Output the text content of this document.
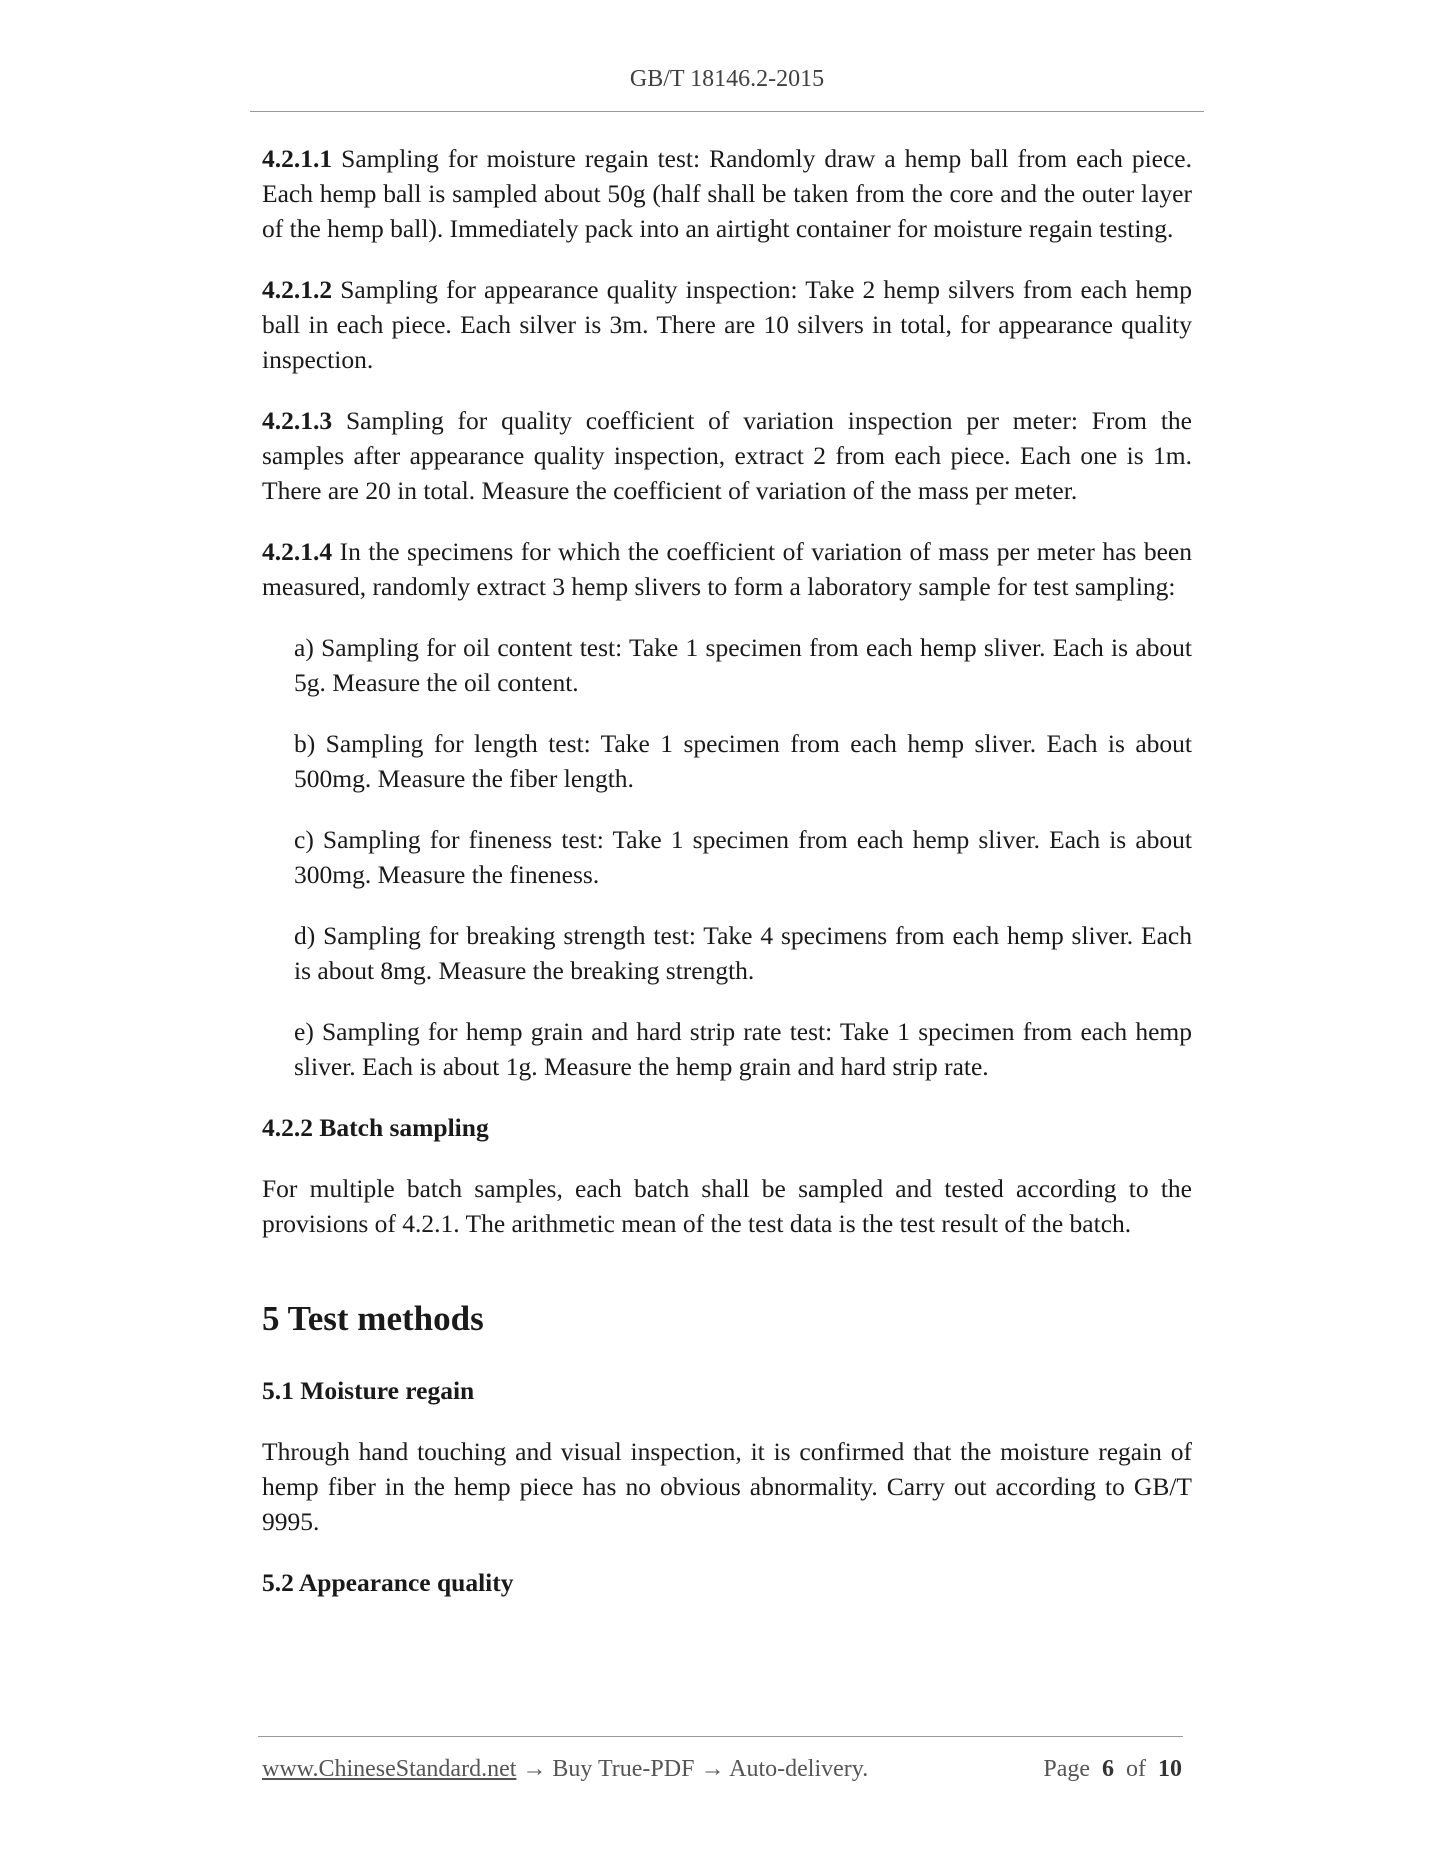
GB/T 18146.2-2015

4.2.1.1 Sampling for moisture regain test: Randomly draw a hemp ball from each piece. Each hemp ball is sampled about 50g (half shall be taken from the core and the outer layer of the hemp ball). Immediately pack into an airtight container for moisture regain testing.

4.2.1.2 Sampling for appearance quality inspection: Take 2 hemp silvers from each hemp ball in each piece. Each silver is 3m. There are 10 silvers in total, for appearance quality inspection.

4.2.1.3 Sampling for quality coefficient of variation inspection per meter: From the samples after appearance quality inspection, extract 2 from each piece. Each one is 1m. There are 20 in total. Measure the coefficient of variation of the mass per meter.

4.2.1.4 In the specimens for which the coefficient of variation of mass per meter has been measured, randomly extract 3 hemp slivers to form a laboratory sample for test sampling:

a) Sampling for oil content test: Take 1 specimen from each hemp sliver. Each is about 5g. Measure the oil content.

b) Sampling for length test: Take 1 specimen from each hemp sliver. Each is about 500mg. Measure the fiber length.

c) Sampling for fineness test: Take 1 specimen from each hemp sliver. Each is about 300mg. Measure the fineness.

d) Sampling for breaking strength test: Take 4 specimens from each hemp sliver. Each is about 8mg. Measure the breaking strength.

e) Sampling for hemp grain and hard strip rate test: Take 1 specimen from each hemp sliver. Each is about 1g. Measure the hemp grain and hard strip rate.

4.2.2 Batch sampling

For multiple batch samples, each batch shall be sampled and tested according to the provisions of 4.2.1. The arithmetic mean of the test data is the test result of the batch.

5 Test methods

5.1 Moisture regain

Through hand touching and visual inspection, it is confirmed that the moisture regain of hemp fiber in the hemp piece has no obvious abnormality. Carry out according to GB/T 9995.

5.2 Appearance quality

www.ChineseStandard.net → Buy True-PDF → Auto-delivery.	Page 6 of 10
